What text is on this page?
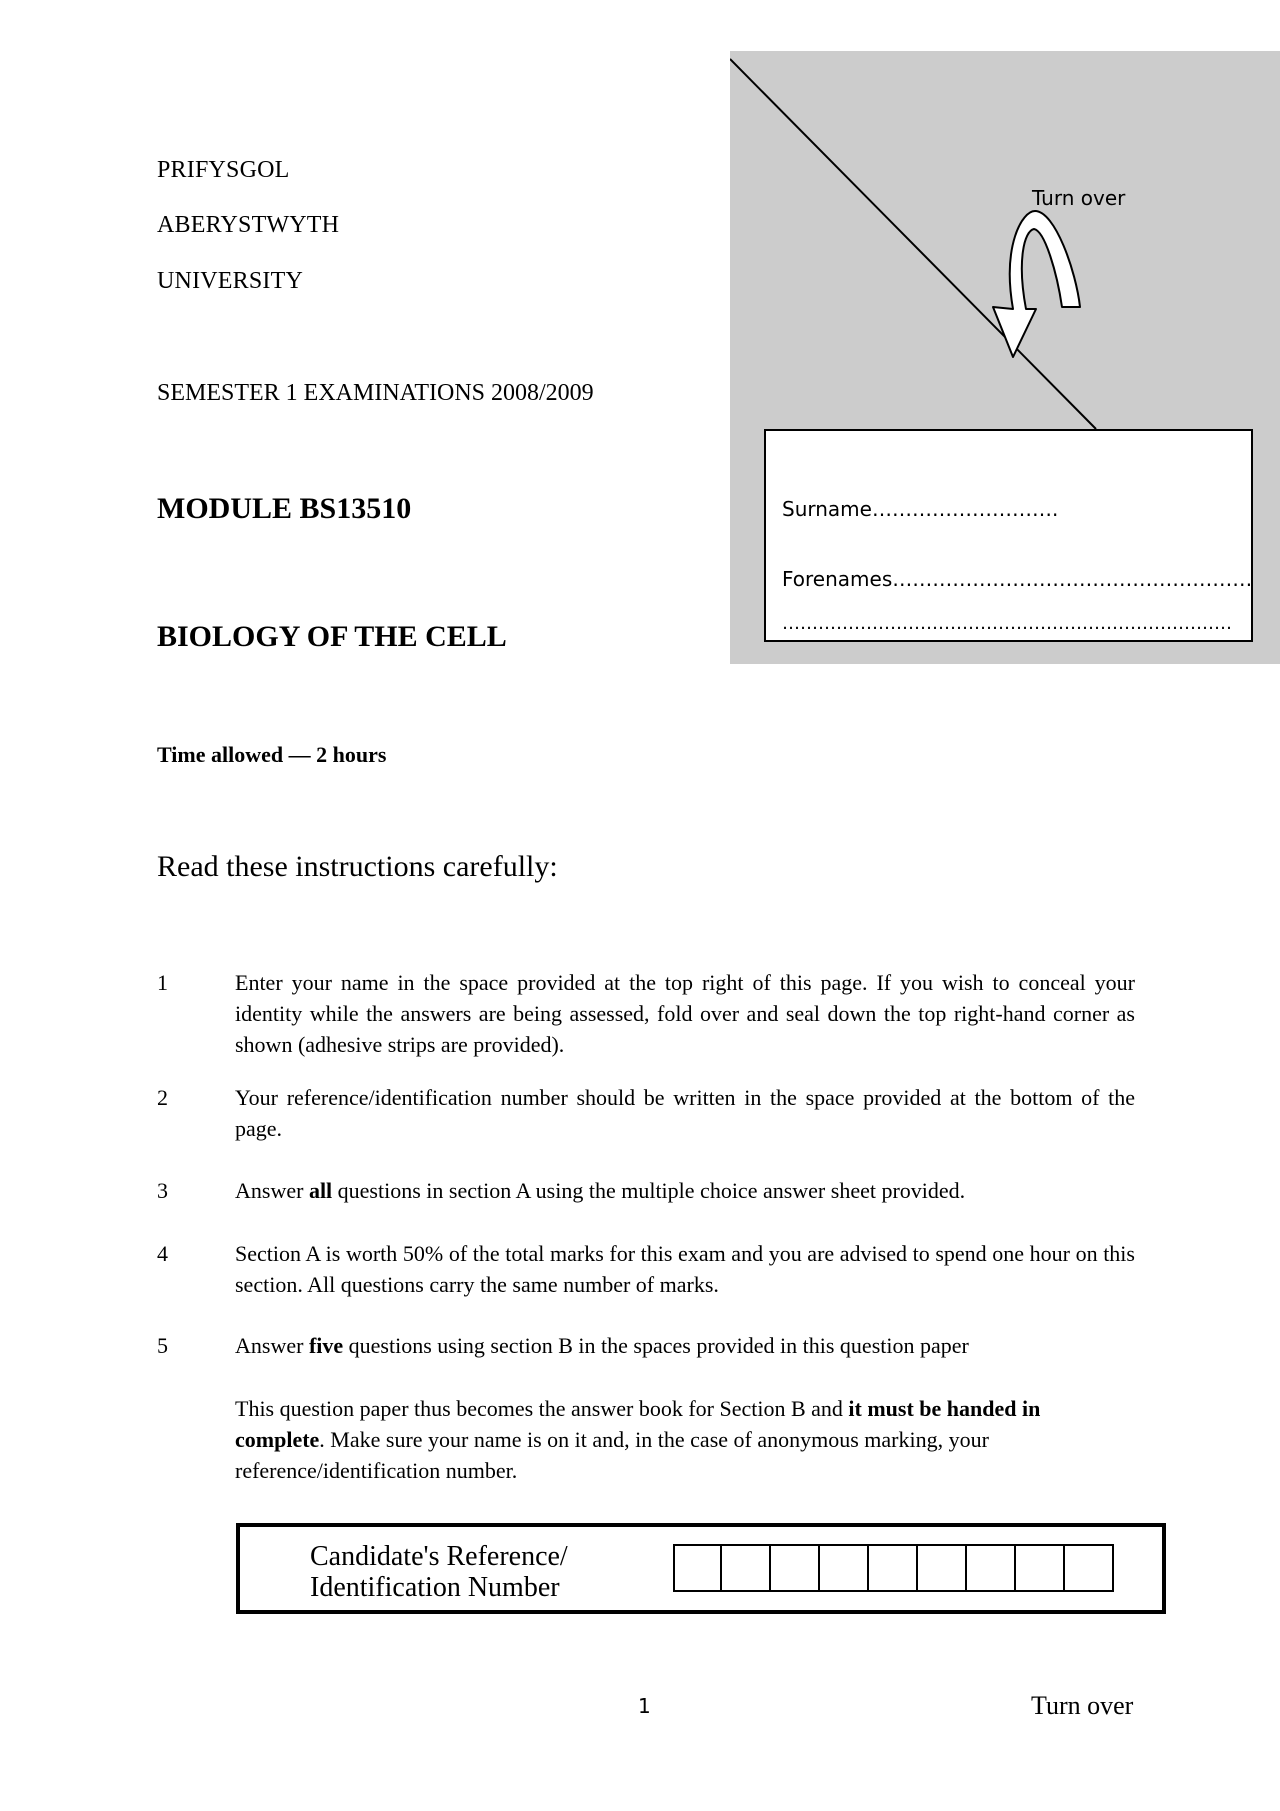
PRIFYSGOL
ABERYSTWYTH
UNIVERSITY
SEMESTER 1 EXAMINATIONS 2008/2009
MODULE BS13510
BIOLOGY OF THE CELL
Time allowed — 2 hours
Read these instructions carefully:
Turn over
Surname……………………….
Forenames………………………………………………
…………………………………………………………………
1	Enter your name in the space provided at the top right of this page. If you wish to conceal your identity while the answers are being assessed, fold over and seal down the top right-hand corner as shown (adhesive strips are provided).
2	Your reference/identification number should be written in the space provided at the bottom of the page.
3	Answer all questions in section A using the multiple choice answer sheet provided.
4	Section A is worth 50% of the total marks for this exam and you are advised to spend one hour on this section. All questions carry the same number of marks.
5	Answer five questions using section B in the spaces provided in this question paper
This question paper thus becomes the answer book for Section B and it must be handed in complete. Make sure your name is on it and, in the case of anonymous marking, your reference/identification number.
Candidate's Reference/
Identification Number
1	Turn over
